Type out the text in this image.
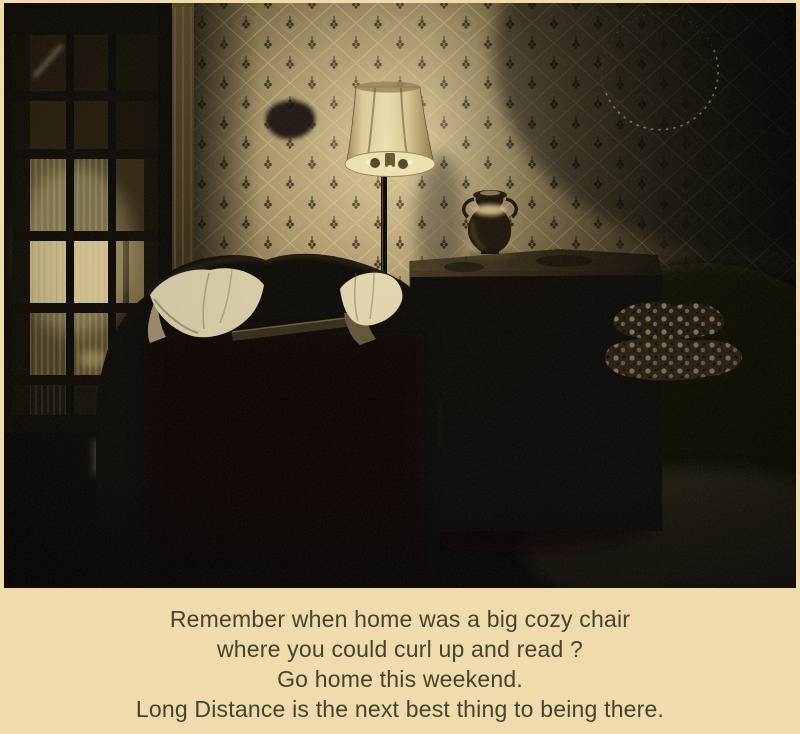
Remember when home was a big cozy chair

where you could curl up and read ?

Go home this weekend.

Long Distance is the next best thing to being there.
